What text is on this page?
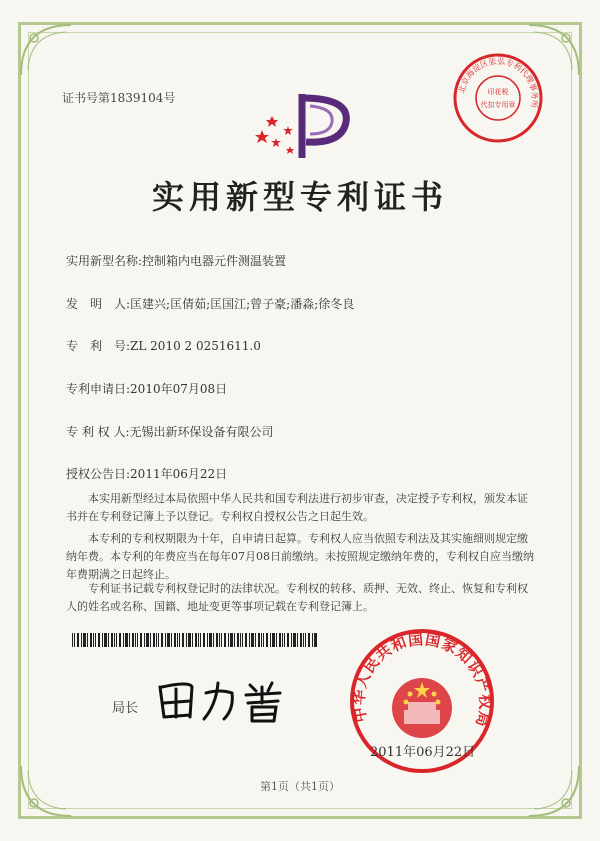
证书号第1839104号
实用新型专利证书
实用新型名称:控制箱内电器元件测温装置
发　明　人:匡建兴;匡倩茹;匡国江;曾子豪;潘淼;徐冬良
专　利　号:ZL 2010 2 0251611.0
专利申请日:2010年07月08日
专 利 权 人:无锡出新环保设备有限公司
授权公告日:2011年06月22日

本实用新型经过本局依照中华人民共和国专利法进行初步审查，决定授予专利权，颁发本证书并在专利登记簿上予以登记。专利权自授权公告之日起生效。

本专利的专利权期限为十年，自申请日起算。专利权人应当依照专利法及其实施细则规定缴纳年费。本专利的年费应当在每年07月08日前缴纳。未按照规定缴纳年费的，专利权自应当缴纳年费期满之日起终止。

专利证书记载专利权登记时的法律状况。专利权的转移、质押、无效、终止、恢复和专利权人的姓名或名称、国籍、地址变更等事项记载在专利登记簿上。

局长
北京海淀区张弘专利代理事务所
印花税
代扣专用章
中华人民共和国国家知识产权局
2011年06月22日
第1页（共1页）
